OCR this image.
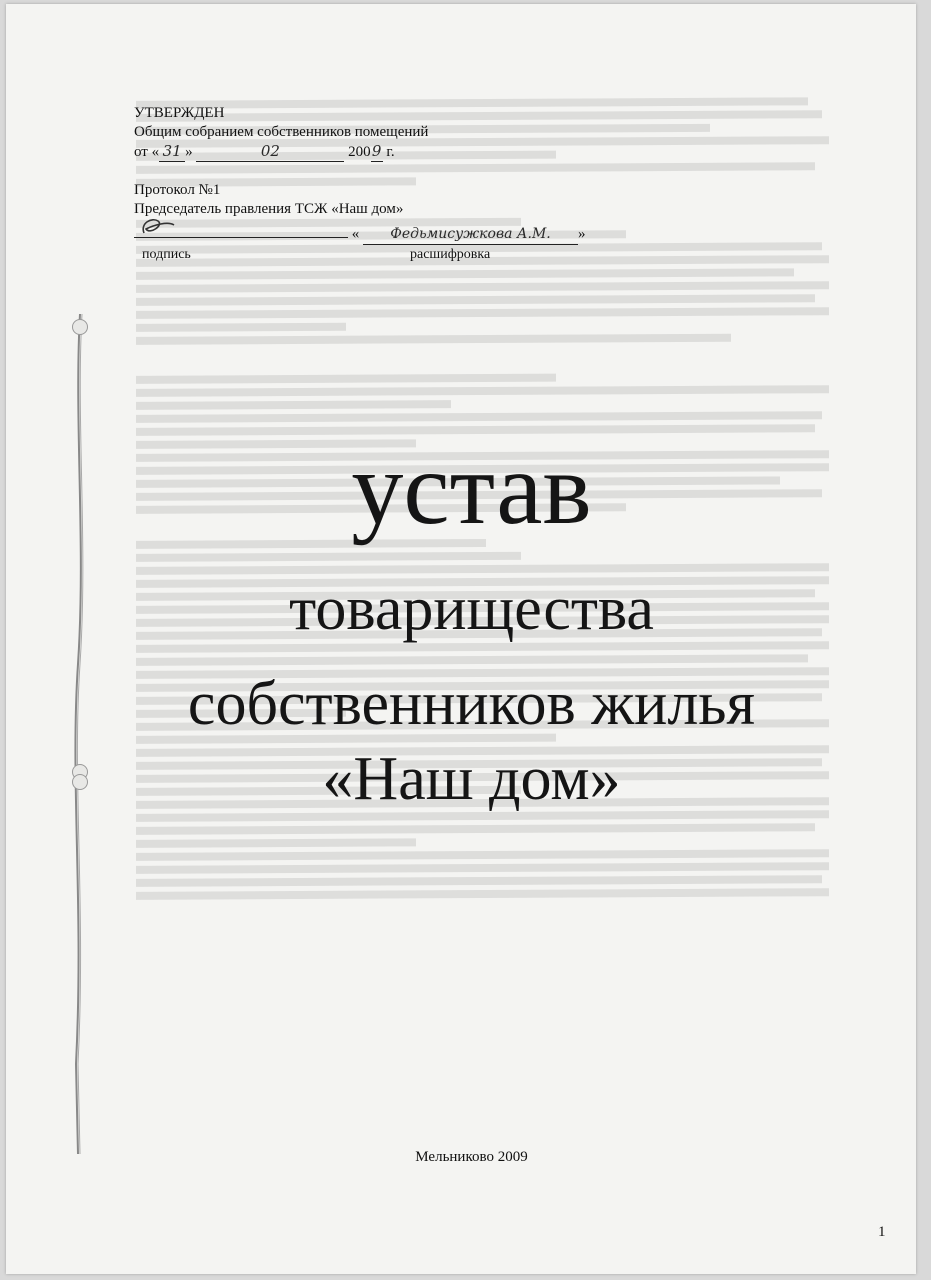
УТВЕРЖДЕН
Общим собранием собственников помещений
от « 31 »	02	2009 г.
Протокол №1
Председатель правления ТСЖ «Наш дом»
« Федьмисужкова А.М. »
подпись	расшифровка
устав
товарищества
собственников жилья
«Наш дом»
Мельниково 2009
1
